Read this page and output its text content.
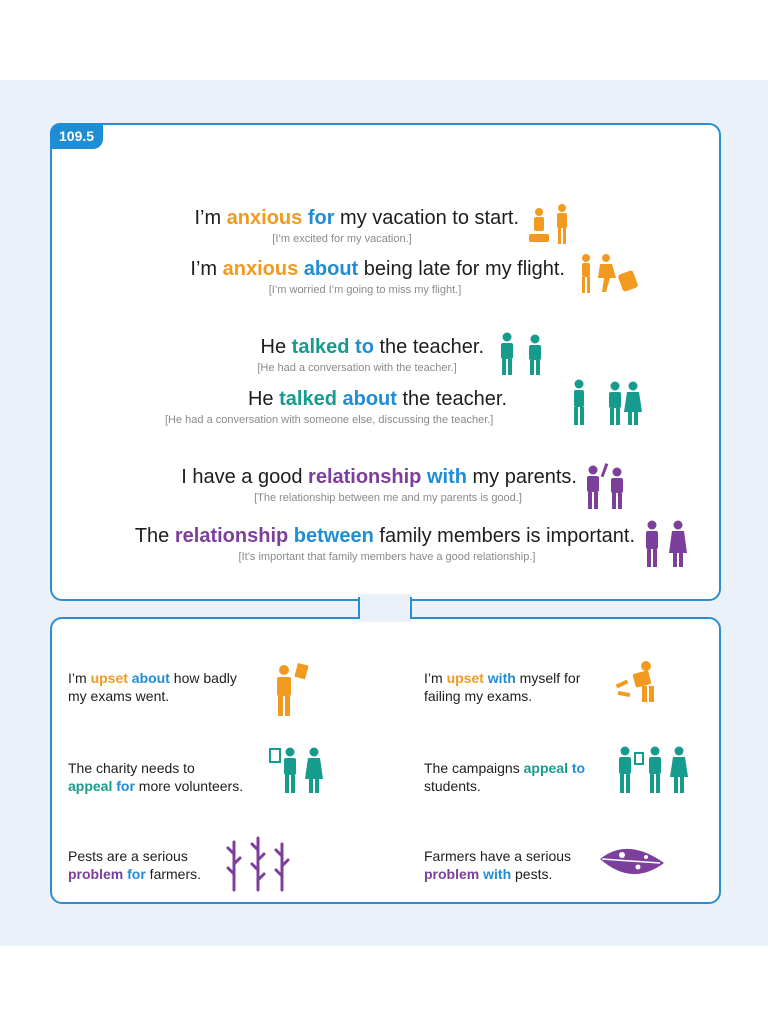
109.5
I’m anxious for my vacation to start.
[I’m excited for my vacation.]
I’m anxious about being late for my flight.
[I’m worried I’m going to miss my flight.]
He talked to the teacher.
[He had a conversation with the teacher.]
He talked about the teacher.
[He had a conversation with someone else, discussing the teacher.]
I have a good relationship with my parents.
[The relationship between me and my parents is good.]
The relationship between family members is important.
[It’s important that family members have a good relationship.]
I’m upset about how badly
my exams went.
I’m upset with myself for
failing my exams.
The charity needs to
appeal for more volunteers.
The campaigns appeal to
students.
Pests are a serious
problem for farmers.
Farmers have a serious
problem with pests.
